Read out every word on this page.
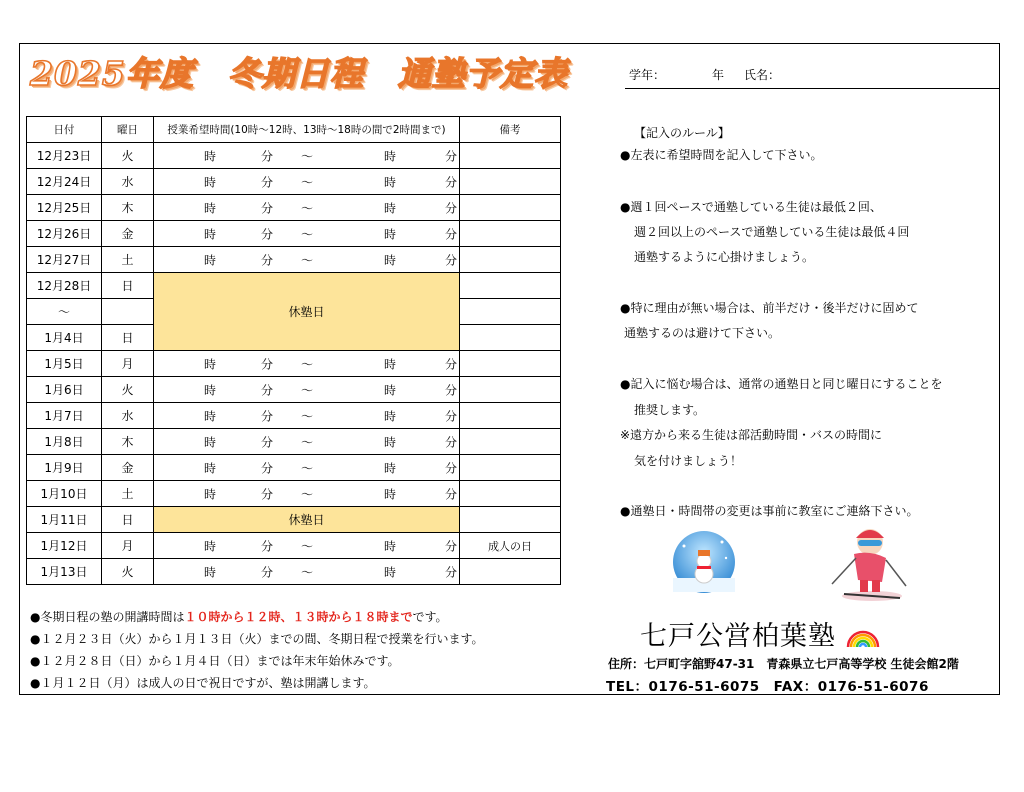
2025年度　冬期日程　通塾予定表	学年：	年 氏名：
日付	曜日	授業希望時間(10時～12時、13時～18時の間で2時間まで)	備考
12月23日	火	時 分 ～ 時 分	

12月24日	水	時 分 ～ 時 分	

12月25日	木	時 分 ～ 時 分	

12月26日	金	時 分 ～ 時 分	

12月27日	土	時 分 ～ 時 分	

12月28日	日	休塾日	
～			
1月4日	日		
1月5日	月	時 分 ～ 時 分	

1月6日	火	時 分 ～ 時 分	

1月7日	水	時 分 ～ 時 分	

1月8日	木	時 分 ～ 時 分	

1月9日	金	時 分 ～ 時 分	

1月10日	土	時 分 ～ 時 分	

1月11日	日	休塾日	
1月12日	月	時 分 ～ 時 分	成人の日
1月13日	火	時 分 ～ 時 分	

【記入のルール】
●左表に希望時間を記入して下さい。
●週１回ペースで通塾している生徒は最低２回、
週２回以上のペースで通塾している生徒は最低４回
通塾するように心掛けましょう。
●特に理由が無い場合は、前半だけ・後半だけに固めて
通塾するのは避けて下さい。
●記入に悩む場合は、通常の通塾日と同じ曜日にすることを
推奨します。
※遠方から来る生徒は部活動時間・バスの時間に
気を付けましょう！
●通塾日・時間帯の変更は事前に教室にご連絡下さい。
七戸公営柏葉塾
住所：七戸町字舘野47-31　青森県立七戸高等学校 生徒会館2階
TEL：0176-51-6075　FAX：0176-51-6076
●冬期日程の塾の開講時間は１０時から１２時、１３時から１８時までです。
●１２月２３日（火）から１月１３日（火）までの間、冬期日程で授業を行います。
●１２月２８日（日）から１月４日（日）までは年末年始休みです。
●１月１２日（月）は成人の日で祝日ですが、塾は開講します。
